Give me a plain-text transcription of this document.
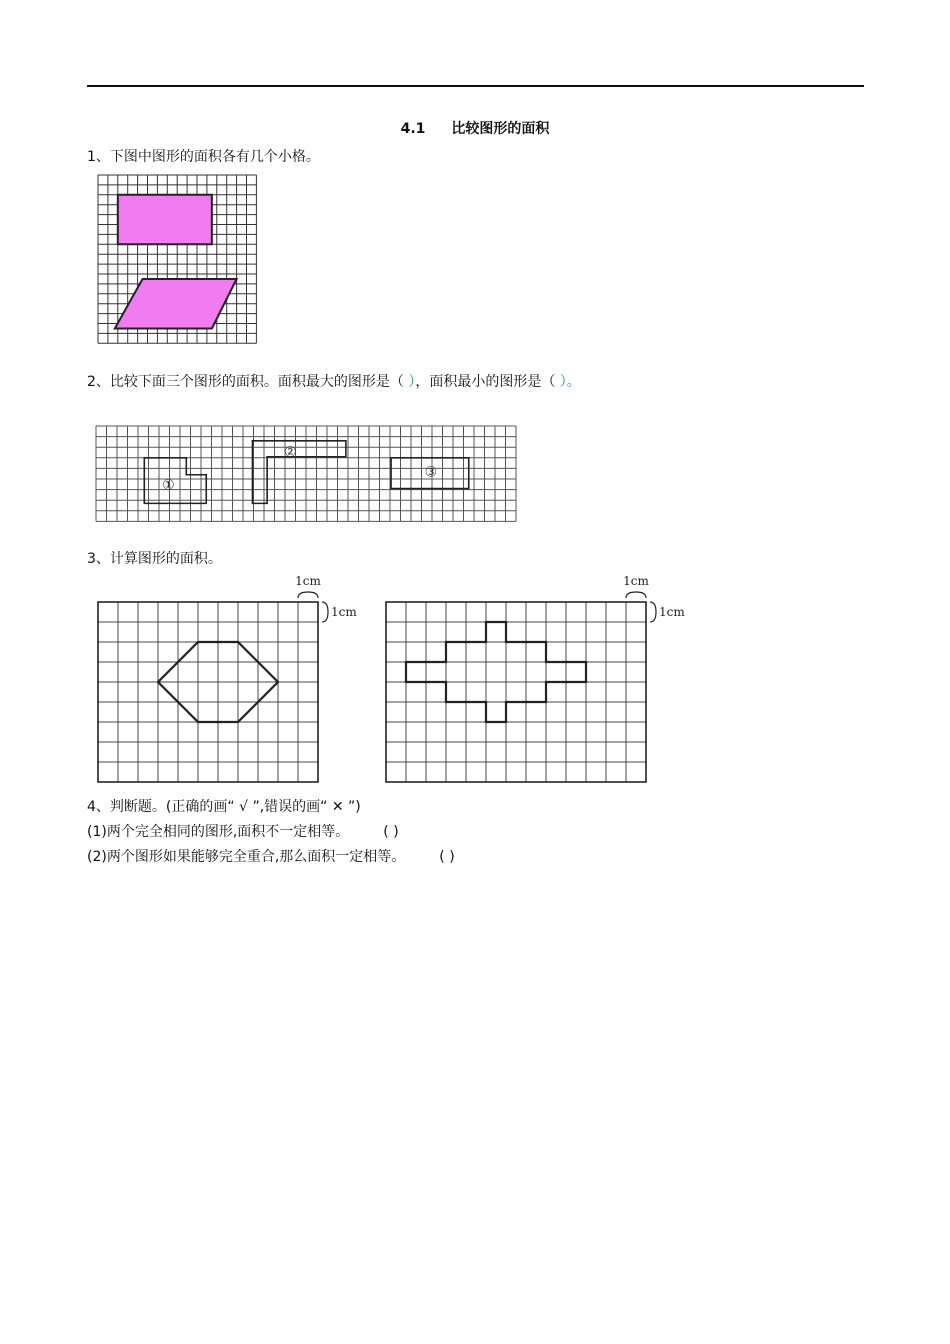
4.1 比较图形的面积
1、下图中图形的面积各有几个小格。
2、比较下面三个图形的面积。面积最大的图形是（ ），面积最小的图形是（ ）。
①
②
③
3、计算图形的面积。
1cm
1cm
1cm
1cm
4、判断题。(正确的画“ √ ”,错误的画“ ✕ ”)
(1)两个完全相同的图形,面积不一定相等。 ( )
(2)两个图形如果能够完全重合,那么面积一定相等。 ( )
